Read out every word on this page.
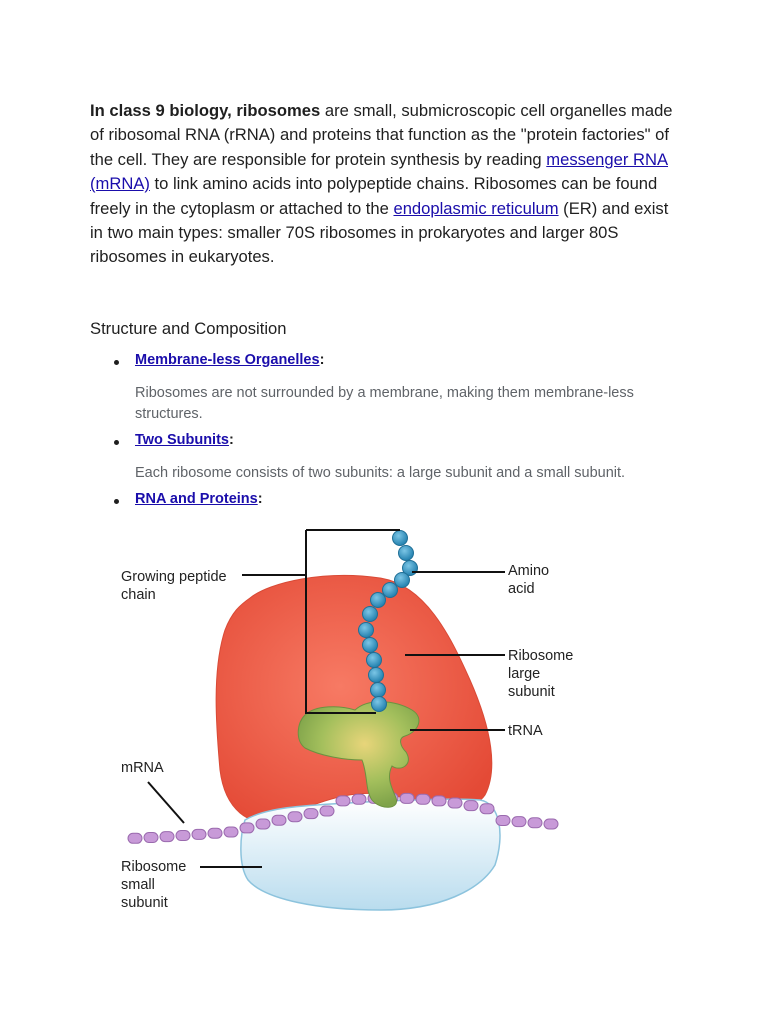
In class 9 biology, ribosomes are small, submicroscopic cell organelles made of ribosomal RNA (rRNA) and proteins that function as the "protein factories" of the cell. They are responsible for protein synthesis by reading messenger RNA (mRNA) to link amino acids into polypeptide chains. Ribosomes can be found freely in the cytoplasm or attached to the endoplasmic reticulum (ER) and exist in two main types: smaller 70S ribosomes in prokaryotes and larger 80S ribosomes in eukaryotes.

Structure and Composition
Membrane-less Organelles:

Ribosomes are not surrounded by a membrane, making them membrane-less structures.

Two Subunits:

Each ribosome consists of two subunits: a large subunit and a small subunit.

RNA and Proteins:
Growing peptide
chain
Amino
acid
Ribosome
large
subunit
tRNA
mRNA
Ribosome
small
subunit
